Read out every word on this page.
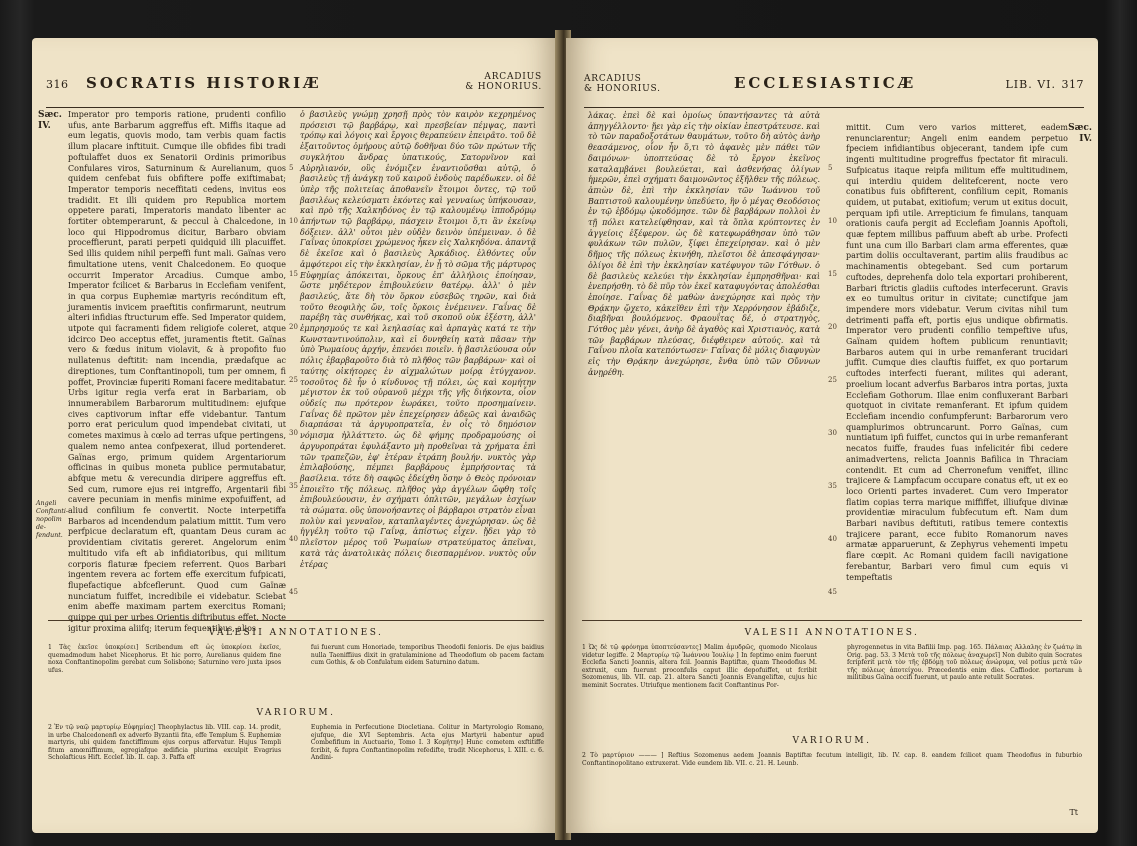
316 SOCRATIS HISTORIÆ	ARCADIUS
& HONORIUS.
Sæc.
IV.
Angeli Conftanti- nopolim de- fendunt.

Imperator pro temporis ratione, prudenti confilio ufus, ante Barbarum aggreffus eft. Miffis itaque ad eum legatis, quovis modo, tam verbis quam factis illum placare inftituit. Cumque ille obfides fibi tradi poftulaffet duos ex Senatorii Ordinis primoribus Confulares viros, Saturninum & Aurelianum, quos quidem cenfebat fuis obfiftere poffe exiftimabat; Imperator temporis neceffitati cedens, invitus eos tradidit. Et illi quidem pro Republica mortem oppetere parati, Imperatoris mandato libenter ac fortiter obtemperarunt, & peccul à Chalcedone, in loco qui Hippodromus dicitur, Barbaro obviam proceffierunt, parati perpeti quidquid illi placuiffet. Sed illis quidem nihil perpeffi funt mali. Gaïnas vero fimultatione utens, venit Chalcedonem. Eo quoque occurrit Imperator Arcadius. Cumque ambo, Imperator fcilicet & Barbarus in Ecclefiam venifent, in qua corpus Euphemiæ martyris recónditum eft, juramentis invicem praeftitis confirmarunt, neutrum alteri infidias ftructurum effe. Sed Imperator quidem, utpote qui facramenti fidem religiofe coleret, atque idcirco Deo acceptus effet, juramentis ftetit. Gaïnas vero & fœdus initum violavit, & à propofito fuo nullatenus deftitit: nam incendia, prædafque ac direptiones, tum Conftantinopoli, tum per omnem, fi poffet, Provinciæ fuperiti Romani facere meditabatur. Urbs igitur regia verfa erat in Barbariam, ob innumerabilem Barbarorum multitudinem: ejufque cives captivorum inftar effe videbantur. Tantum porro erat periculum quod impendebat civitati, ut cometes maximus à cœlo ad terras ufque pertingens, qualem nemo antea confpexerat, illud portenderet. Gaïnas ergo, primum quidem Argentariorum officinas in quibus moneta publice permutabatur, abfque metu & verecundia diripere aggreffus eft. Sed cum, rumore ejus rei intgreffo, Argentarii fibi cavere pecuniam in menfis minime expofuiffent, ad aliud confilium fe convertit. Nocte interpetiffa Barbaros ad incendendum palatium mittit. Tum vero perfpicue declaratum eft, quantam Deus curam ac providentiam civitatis gereret. Angelorum enim multitudo vifa eft ab infidiatoribus, qui militum corporis flaturæ fpeciem referrent. Quos Barbari ingentem revera ac fortem effe exercitum fufpicati, flupefactique abfceflerunt. Quod cum Gaïnæ nunciatum fuiffet, incredibile ei videbatur. Sciebat enim abeffe maximam partem exercitus Romani; quippe qui per urbes Orientis diftributus effet. Nocte igitur proxima aliifq; iterum fequentibus, alios

ὁ βασιλεὺς γνώμῃ χρησῇ πρὸς τὸν καιρὸν κεχρημένος πρόσεισι τῷ βαρβάρῳ, καὶ πρεσβείαν πέμψας, παντὶ τρόπῳ καὶ λόγοις καὶ ἔργοις θεραπεύειν ἐπειρᾶτο. τοῦ δὲ ἐξαιτοῦντος ὁμήρους αὐτῷ δοθῆναι δύο τῶν πρώτων τῆς συγκλήτου ἄνδρας ὑπατικούς, Σατορνῖνον καὶ Αὐρηλιανόν, οὓς ἐνόμιζεν ἐναντιοῦσθαι αὐτῷ, ὁ βασιλεὺς τῇ ἀνάγκῃ τοῦ καιροῦ ἐνδοὺς παρέδωκεν. οἱ δὲ ὑπὲρ τῆς πολιτείας ἀποθανεῖν ἕτοιμοι ὄντες, τῷ τοῦ βασιλέως κελεύσματι ἑκόντες καὶ γενναίως ὑπήκουσαν, καὶ πρὸ τῆς Χαλκηδόνος ἐν τῷ καλουμένῳ ἱπποδρόμῳ ἀπήντων τῷ βαρβάρῳ, πάσχειν ἕτοιμοι ὅ,τι ἂν ἐκείνῳ δόξειεν. ἀλλ' οὗτοι μὲν οὐδὲν δεινὸν ὑπέμειναν. ὁ δὲ Γαΐνας ὑποκρίσει χρώμενος ἧκεν εἰς Χαλκηδόνα. ἀπαντᾷ δὲ ἐκεῖσε καὶ ὁ βασιλεὺς Ἀρκάδιος. ἐλθόντες οὖν ἀμφότεροι εἰς τὴν ἐκκλησίαν, ἐν ᾗ τὸ σῶμα τῆς μάρτυρος Εὐφημίας ἀπόκειται, ὅρκους ἐπ' ἀλλήλοις ἐποίησαν, ὥστε μηδέτερον ἐπιβουλεύειν θατέρῳ. ἀλλ' ὁ μὲν βασιλεύς, ἅτε δὴ τὸν ὅρκον εὐσεβῶς τηρῶν, καὶ διὰ τοῦτο θεοφιλὴς ὤν, τοῖς ὅρκοις ἐνέμεινεν. Γαΐνας δὲ παρέβη τὰς συνθήκας, καὶ τοῦ σκοποῦ οὐκ ἐξέστη, ἀλλ' ἐμπρησμούς τε καὶ λεηλασίας καὶ ἁρπαγὰς κατά τε τὴν Κωνσταντινούπολιν, καὶ εἰ δυνηθείη κατὰ πᾶσαν τὴν ὑπὸ Ῥωμαίους ἀρχήν, ἐπενόει ποιεῖν. ἡ βασιλεύουσα οὖν πόλις ἐβαρβαροῦτο διὰ τὸ πλῆθος τῶν βαρβάρων· καὶ οἱ ταύτης οἰκήτορες ἐν αἰχμαλώτων μοίρᾳ ἐτύγχανον. τοσοῦτος δὲ ἦν ὁ κίνδυνος τῇ πόλει, ὡς καὶ κομήτην μέγιστον ἐκ τοῦ οὐρανοῦ μέχρι τῆς γῆς διήκοντα, οἷον οὐδείς πω πρότερον ἑωράκει, τοῦτο προσημαίνειν. Γαΐνας δὲ πρῶτον μὲν ἐπεχείρησεν ἀδεῶς καὶ ἀναιδῶς διαρπάσαι τὰ ἀργυροπρατεῖα, ἐν οἷς τὸ δημόσιον νόμισμα ἠλλάττετο. ὡς δὲ φήμης προδραμούσης οἱ ἀργυροπράται ἐφυλάξαντο μὴ προθεῖναι τὰ χρήματα ἐπὶ τῶν τραπεζῶν, ἐφ' ἑτέραν ἐτράπη βουλήν. νυκτὸς γὰρ ἐπιλαβούσης, πέμπει βαρβάρους ἐμπρήσοντας τὰ βασίλεια. τότε δὴ σαφῶς ἐδείχθη ὅσην ὁ Θεὸς πρόνοιαν ἐποιεῖτο τῆς πόλεως. πλῆθος γὰρ ἀγγέλων ὤφθη τοῖς ἐπιβουλεύουσιν, ἐν σχήματι ὁπλιτῶν, μεγάλων ἐσχίων τὰ σώματα. οὓς ὑπονοήσαντες οἱ βάρβαροι στρατὸν εἶναι πολὺν καὶ γενναῖον, καταπλαγέντες ἀνεχώρησαν. ὡς δὲ ἠγγέλη τοῦτο τῷ Γαΐνᾳ, ἀπίστως εἶχεν. ᾔδει γὰρ τὸ πλεῖστον μέρος τοῦ Ῥωμαίων στρατεύματος ἀπεῖναι, κατὰ τὰς ἀνατολικὰς πόλεις διεσπαρμένον. νυκτὸς οὖν ἑτέρας

5
10
15
20
25
30
35
40
45
VALESII ANNOTATIONES.
1 Τὰς ἐκεῖσε ὑποκρίσει] Scribendum eft ὡς ὑποκρίσει ἐκεῖσε, quemadmodum habet Nicephorus. Et hic porro, Aurelianus quidem fine noxa Conftantinopolim gerebat cum Solisbono; Saturnino vero juxta ipsos ufus.
fui fuerunt cum Honoriade, temporibus Theodofii fenioris. De ejus baidius nulla Taeniffiius dixit in gratulaminione ad Theodofium ob pacem factam cum Gothis, & ob Confulatum eidem Saturnino datum.
VARIORUM.
2 Ἐν τῷ ναῷ μαρτυρίῳ Εὐφημίας] Theophylactus lib. VIII. cap. 14. prodit, in urbe Chalcedonenfi ex adverfo Byzantii fita, effe Templum S. Euphemiæ martyris, ubi quidem fanctiffimum ejus corpus affervatur. Hujus Templi fitum amœniffimum, egregiafque ædificia plurima exculpit Evagrius Scholafticus Hift. Ecclef. lib. II. cap. 3. Paffa eft
Euphemia in Perfecutione Diocletiana. Colitur in Martyrologio Romano, ejufque, die XVI Septembris. Acta ejus Martyrii habentur apud Combefifium in Auctuario, Tomo I. 3 Κομήτην] Hunc cometem exftitiffe fcribit, & fupra Conftantinopolim refedifte, tradit Nicephorus, l. XIII. c. 6. Andini-
ARCADIUS
& HONORIUS.	ECCLESIASTICÆ	LIB. VI. 317
Sæc.
IV.

λάκας. ἐπεὶ δὲ καὶ ὁμοίως ὑπαντήσαντες τὰ αὐτὰ ἀπηγγέλλοντο· ᾔει γὰρ εἰς τὴν οἰκίαν ἐπεστράτευσε. καὶ τὸ τῶν παραδοξοτάτων θαυμάτων, τοῦτο δὴ αὐτὸς ἀνὴρ θεασάμενος, οἷον ἦν ὅ,τι τὸ ἀφανὲς μὲν πάθει τῶν δαιμόνων· ὑποπτεύσας δὲ τὸ ἔργον ἐκεῖνος καταλαμβάνει βουλεύεται, καὶ ἀσθενήσας ὀλίγων ἡμερῶν, ἐπεὶ σχήματι δαιμονῶντος ἐξῆλθεν τῆς πόλεως. ἀπιὼν δὲ, ἐπὶ τὴν ἐκκλησίαν τῶν Ἰωάννου τοῦ Βαπτιστοῦ καλουμένην ὑπεδύετο, ἣν ὁ μέγας Θεοδόσιος ἐν τῷ ἑβδόμῳ ᾠκοδόμησε. τῶν δὲ βαρβάρων πολλοὶ ἐν τῇ πόλει κατελείφθησαν, καὶ τὰ ὅπλα κρύπτοντες ἐν ἀγγείοις ἐξέφερον. ὡς δὲ κατεφωράθησαν ὑπὸ τῶν φυλάκων τῶν πυλῶν, ξίφει ἐπεχείρησαν. καὶ ὁ μὲν δῆμος τῆς πόλεως ἐκινήθη, πλεῖστοι δὲ ἀπεσφάγησαν· ὀλίγοι δὲ ἐπὶ τὴν ἐκκλησίαν κατέφυγον τῶν Γότθων. ὁ δὲ βασιλεὺς κελεύει τὴν ἐκκλησίαν ἐμπρησθῆναι· καὶ ἐνεπρήσθη. τὸ δὲ πῦρ τὸν ἐκεῖ καταφυγόντας ἀπολέσθαι ἐποίησε. Γαΐνας δὲ μαθὼν ἀνεχώρησε καὶ πρὸς τὴν Θρᾴκην ᾤχετο, κἀκεῖθεν ἐπὶ τὴν Χερρόνησον ἐβάδιζε, διαβῆναι βουλόμενος. Φραουΐτας δέ, ὁ στρατηγὸς, Γότθος μὲν γένει, ἀνὴρ δὲ ἀγαθὸς καὶ Χριστιανὸς, κατὰ τῶν βαρβάρων πλεύσας, διέφθειρεν αὐτούς. καὶ τὰ Γαΐνου πλοῖα κατεπόντωσεν· Γαΐνας δὲ μόλις διαφυγὼν εἰς τὴν Θρᾴκην ἀνεχώρησε, ἔνθα ὑπὸ τῶν Οὔννων ἀνῃρέθη.

mittit. Cum vero varios mitteret, eadem renunciarentur; Angeli enim eandem perpetuo fpeciem infidiantibus objecerant, tandem ipfe cum ingenti multitudine progreffus fpectator fit miraculi. Sufpicatus itaque reipfa militum effe multitudinem, qui interdiu quidem delitefcerent, nocte vero conatibus fuis obfifterent, confilium cepit, Romanis quidem, ut putabat, exitiofum; verum ut exitus docuit, perquam ipfi utile. Arrepticium fe fimulans, tanquam orationis caufa pergit ad Ecclefiam Joannis Apoftoli, quæ feptem millibus paffuum abeft ab urbe. Profecti funt una cum illo Barbari clam arma efferentes, quæ partim doliis occultaverant, partim aliis fraudibus ac machinamentis obtegebant. Sed cum portarum cuftodes, deprehenfa dolo tela exportari prohiberent, Barbari ftrictis gladiis cuftodes interfecerunt. Gravis ex eo tumultus oritur in civitate; cunctifque jam impendere mors videbatur. Verum civitas nihil tum detrimenti paffa eft, portis ejus undique obfirmatis. Imperator vero prudenti confilio tempeftive ufus, Gaïnam quidem hoftem publicum renuntiavit; Barbaros autem qui in urbe remanferant trucidari juffit. Cumque dies clauftis fuiffet, ex quo portarum cuftodes interfecti fuerant, milites qui aderant, proelium locant adverfus Barbaros intra portas, juxta Ecclefiam Gothorum. Illae enim confluxerant Barbari quotquot in civitate remanferant. Et ipfum quidem Ecclefiam incendio confumpferunt: Barbarorum vero quamplurimos obtruncarunt. Porro Gaïnas, cum nuntiatum ipfi fuiffet, cunctos qui in urbe remanferant necatos fuiffe, fraudes fuas infelicitér fibi cedere animadvertens, relicta Joannis Bafilica in Thraciam contendit. Et cum ad Cherronefum veniffet, illinc trajicere & Lampfacum occupare conatus eft, ut ex eo loco Orienti partes invaderet. Cum vero Imperator flatim copias terra marique miffiffet, illiufque divinæ providentiæ miraculum fubfecutum eft. Nam dum Barbari navibus deftituti, ratibus temere contextis trajicere parant, ecce fubito Romanorum naves armatæ apparuerunt, & Zephyrus vehementi impetu flare cœpit. Ac Romani quidem facili navigatione ferebantur, Barbari vero fimul cum equis vi tempeftatis

5
10
15
20
25
30
35
40
45
VALESII ANNOTATIONES.
1 Ὡς δὲ τῷ φρόνημα ὑποπτεύσαντες] Malim ἀμυδρῶς, quomodo Nicolaus videtur legiffe. 2 Μαρτυρίῳ τῷ Ἰωάννου Ἱουλίῳ ] In feptimo enim fuerunt Ecclefia Sancti Joannis, altera fcil. Joannis Baptiftæ, quam Theodofius M. extruxit, cum fuerunt proconfulis caput illic depofuiffet, ut fcribit Sozomenus, lib. VII. cap. 21. altera Sancti Joannis Evangeliftæ, cujus hic meminit Socrates. Utriufque mentionem facit Conftantinus Por-
phyrogennetus in vita Bafilii Imp. pag. 165. Πάλαιας Αλλαλης ἐν ζωάτῳ in Orig. pag. 53. 3 Μετὰ τοῦ τῆς πόλεως ἀναχωρεῖ] Non dubito quin Socrates fcripferit μετὰ τὸν τῆς ἑβδόμῃ τοῦ πόλεως ἀνώρυμα, vel potius μετὰ τῶν τῆς πόλεως ἀποτείχου. Præcedentis enim dies. Caffiodor. portarum à militibus Gaïna occifi fuerunt, ut paulo ante retulit Socrates.
VARIORUM.
2 Τὸ μαρτύριον ——— ] Reftius Sozomenus aedem Joannis Baptiftæ fecutum intelligit, lib. IV. cap. 8. eandem fcilicet quam Theodofius in fuburbio Conftantinopolitano extruxerat. Vide eundem lib. VII. c. 21. H. Leunb.
Tt
